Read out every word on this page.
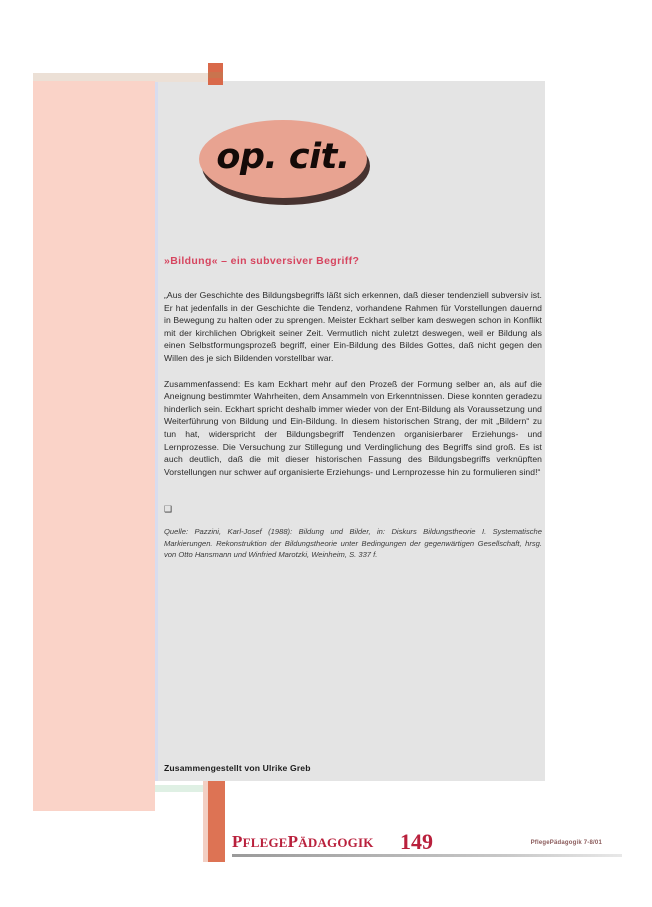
op. cit.
»Bildung« – ein subversiver Begriff?

„Aus der Geschichte des Bildungsbegriffs läßt sich erkennen, daß dieser tendenziell subversiv ist. Er hat jedenfalls in der Geschichte die Tendenz, vorhandene Rahmen für Vorstellungen dauernd in Bewegung zu halten oder zu sprengen. Meister Eckhart selber kam deswegen schon in Konflikt mit der kirchlichen Obrigkeit seiner Zeit. Vermutlich nicht zuletzt deswegen, weil er Bildung als einen Selbstformungsprozeß begriff, einer Ein-Bildung des Bildes Gottes, daß nicht gegen den Willen des je sich Bildenden vorstellbar war.

Zusammenfassend: Es kam Eckhart mehr auf den Prozeß der Formung selber an, als auf die Aneignung bestimmter Wahrheiten, dem Ansammeln von Erkenntnissen. Diese konnten geradezu hinderlich sein. Eckhart spricht deshalb immer wieder von der Ent-Bildung als Voraussetzung und Weiterführung von Bildung und Ein-Bildung. In diesem historischen Strang, der mit „Bildern“ zu tun hat, widerspricht der Bildungsbegriff Tendenzen organisierbarer Erziehungs- und Lernprozesse. Die Versuchung zur Stillegung und Verdinglichung des Begriffs sind groß. Es ist auch deutlich, daß die mit dieser historischen Fassung des Bildungsbegriffs verknüpften Vorstellungen nur schwer auf organisierte Erziehungs- und Lernprozesse hin zu formulieren sind!“

❑

Quelle: Pazzini, Karl-Josef (1988): Bildung und Bilder, in: Diskurs Bildungstheorie I. Systematische Markierungen. Rekonstruktion der Bildungstheorie unter Bedingungen der gegenwärtigen Gesellschaft, hrsg. von Otto Hansmann und Winfried Marotzki, Weinheim, S. 337 f.

Zusammengestellt von Ulrike Greb
PFLEGEPÄDAGOGIK 149	PflegePädagogik 7-8/01
